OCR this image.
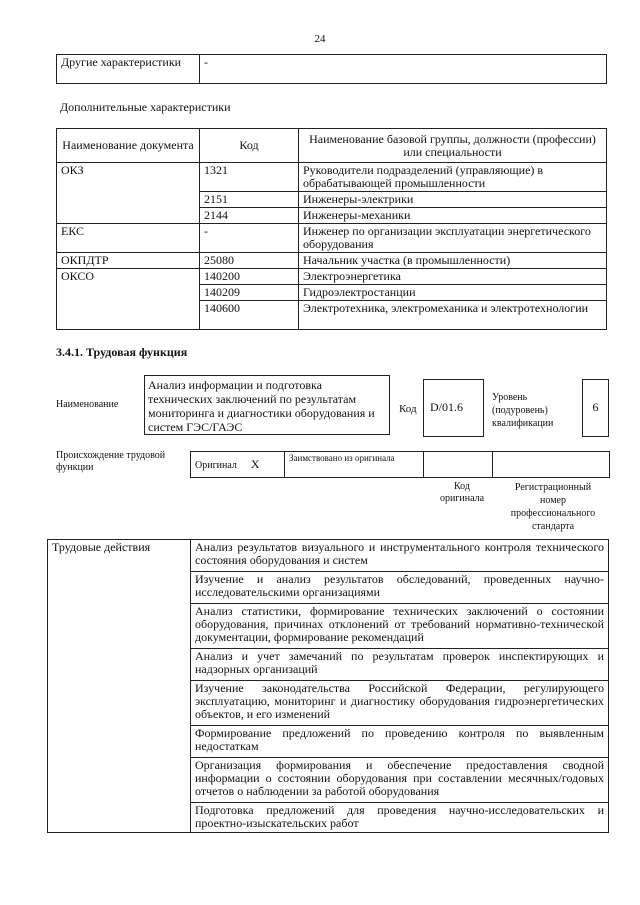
24
Другие характеристики	-
Дополнительные характеристики
Наименование документа	Код	Наименование базовой группы, должности (профессии) или специальности
ОКЗ	1321	Руководители подразделений (управляющие) в обрабатывающей промышленности
	2151	Инженеры-электрики
	2144	Инженеры-механики
ЕКС	-	Инженер по организации эксплуатации энергетического оборудования
ОКПДТР	25080	Начальник участка (в промышленности)
ОКСО	140200	Электроэнергетика
	140209	Гидроэлектростанции
	140600	Электротехника, электромеханика и электротехнологии
3.4.1. Трудовая функция
Наименование
Анализ информации и подготовка технических заключений по результатам мониторинга и диагностики оборудования и систем ГЭС/ГАЭС
Код	D/01.6
Уровень (подуровень) квалификации
6
Происхождение трудовой функции	Оригинал X	Заимствовано из оригинала		
Код оригинала
Регистрационный номер профессионального стандарта
Трудовые действия	Анализ результатов визуального и инструментального контроля технического состояния оборудования и систем
Изучение и анализ результатов обследований, проведенных научно-исследовательскими организациями
Анализ статистики, формирование технических заключений о состоянии оборудования, причинах отклонений от требований нормативно-технической документации, формирование рекомендаций
Анализ и учет замечаний по результатам проверок инспектирующих и надзорных организаций
Изучение законодательства Российской Федерации, регулирующего эксплуатацию, мониторинг и диагностику оборудования гидроэнергетических объектов, и его изменений
Формирование предложений по проведению контроля по выявленным недостаткам
Организация формирования и обеспечение предоставления сводной информации о состоянии оборудования при составлении месячных/годовых отчетов о наблюдении за работой оборудования
Подготовка предложений для проведения научно-исследовательских и проектно-изыскательских работ
